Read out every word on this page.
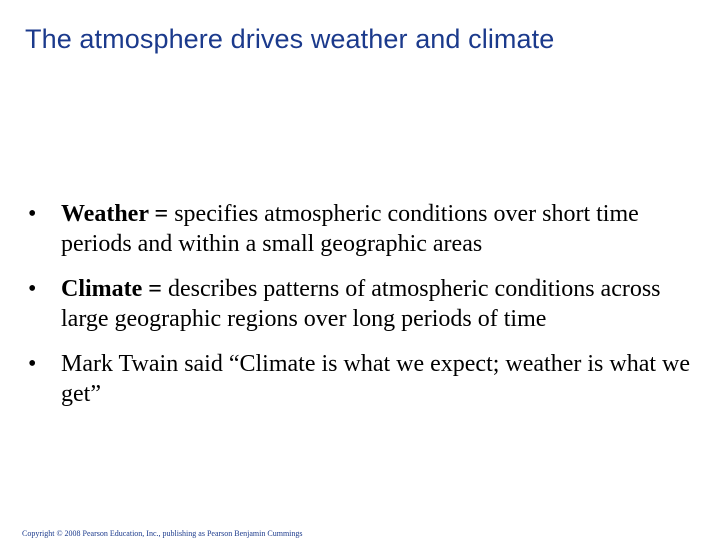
The atmosphere drives weather and climate
•	Weather = specifies atmospheric conditions over short time periods and within a small geographic areas
•	Climate = describes patterns of atmospheric conditions across large geographic regions over long periods of time
•	Mark Twain said “Climate is what we expect; weather is what we get”
Copyright © 2008 Pearson Education, Inc., publishing as Pearson Benjamin Cummings
